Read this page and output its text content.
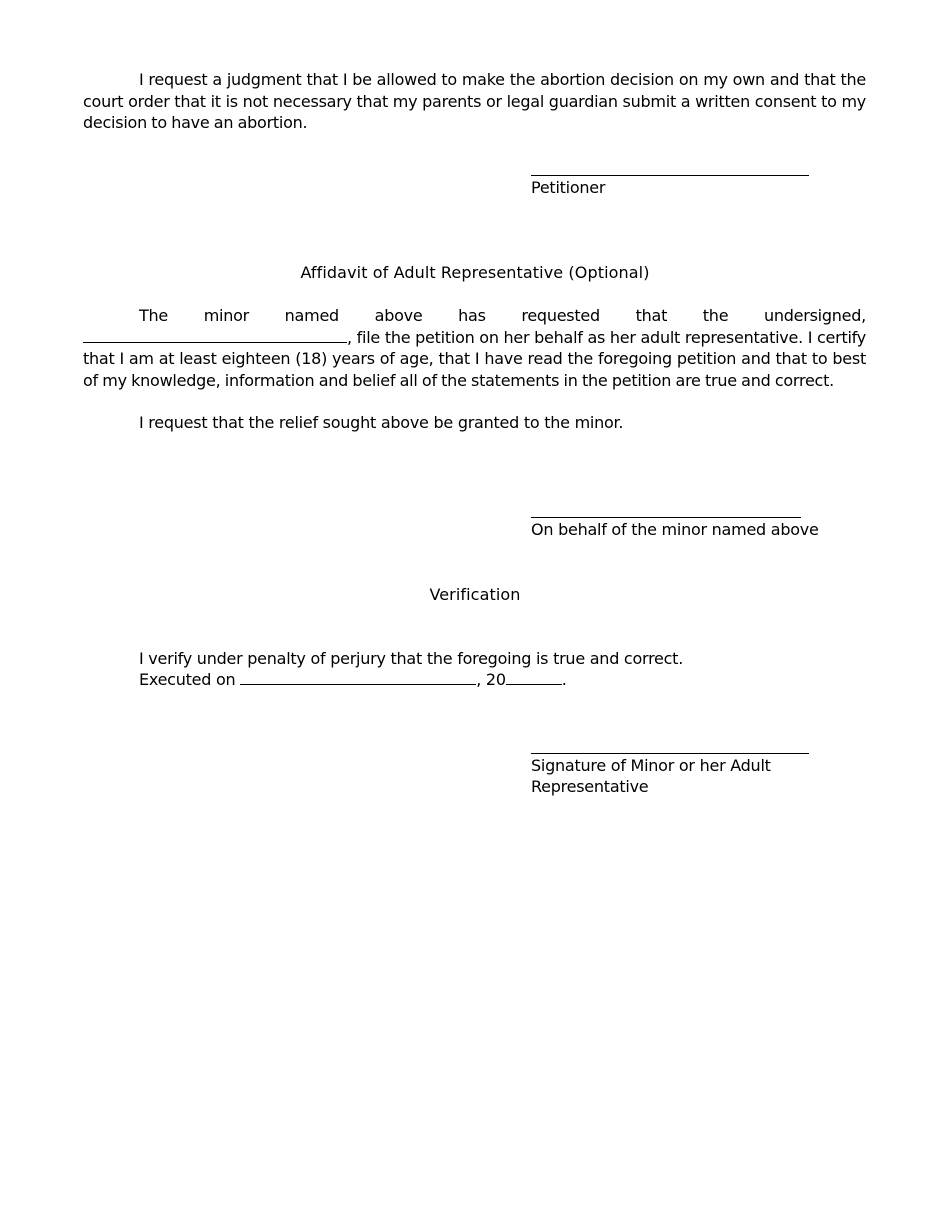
I request a judgment that I be allowed to make the abortion decision on my own and that the court order that it is not necessary that my parents or legal guardian submit a written consent to my decision to have an abortion.
Petitioner
Affidavit of Adult Representative (Optional)
The minor named above has requested that the undersigned, , file the petition on her behalf as her adult representative. I certify that I am at least eighteen (18) years of age, that I have read the foregoing petition and that to best of my knowledge, information and belief all of the statements in the petition are true and correct.
I request that the relief sought above be granted to the minor.
On behalf of the minor named above
Verification
I verify under penalty of perjury that the foregoing is true and correct.
Executed on	, 20	.
Signature of Minor or her Adult
Representative
